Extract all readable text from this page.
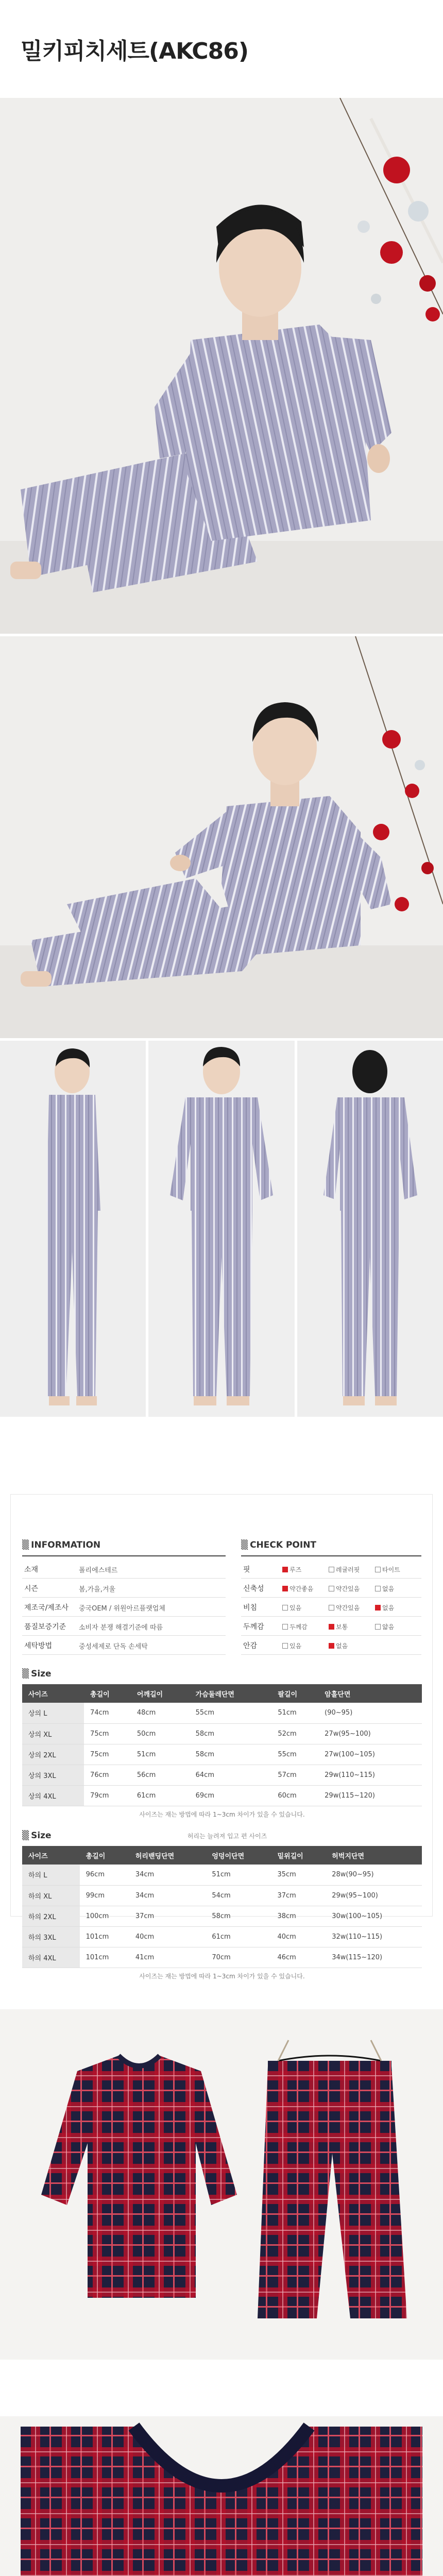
밀키피치세트(AKC86)
▒ INFORMATION
소재	폴리에스테르
시즌	봄,가을,겨울
제조국/제조사	중국OEM / 위원아르플랫업체
품질보증기준	소비자 분쟁 해결기준에 따름
세탁방법	중성세제로 단독 손세탁
▒ CHECK POINT
핏	루즈	레귤러핏	타이트
신축성	약간좋음	약간있음	없음
비침	있음	약간있음	없음
두께감	두께감	보통	얇음
안감	있음	없음
▒ Size
사이즈	총길이	어깨길이	가슴둘레단면	팔길이	암홀단면
상의 L	74cm	48cm	55cm	51cm	(90~95)
상의 XL	75cm	50cm	58cm	52cm	27w(95~100)
상의 2XL	75cm	51cm	58cm	55cm	27w(100~105)
상의 3XL	76cm	56cm	64cm	57cm	29w(110~115)
상의 4XL	79cm	61cm	69cm	60cm	29w(115~120)
사이즈는 재는 방법에 따라 1~3cm 차이가 있을 수 있습니다.
▒ Size	허리는 늘려져 입고 편 사이즈
사이즈	총길이	허리밴딩단면	엉덩이단면	밑위길이	허벅지단면
하의 L	96cm	34cm	51cm	35cm	28w(90~95)
하의 XL	99cm	34cm	54cm	37cm	29w(95~100)
하의 2XL	100cm	37cm	58cm	38cm	30w(100~105)
하의 3XL	101cm	40cm	61cm	40cm	32w(110~115)
하의 4XL	101cm	41cm	70cm	46cm	34w(115~120)
사이즈는 재는 방법에 따라 1~3cm 차이가 있을 수 있습니다.
